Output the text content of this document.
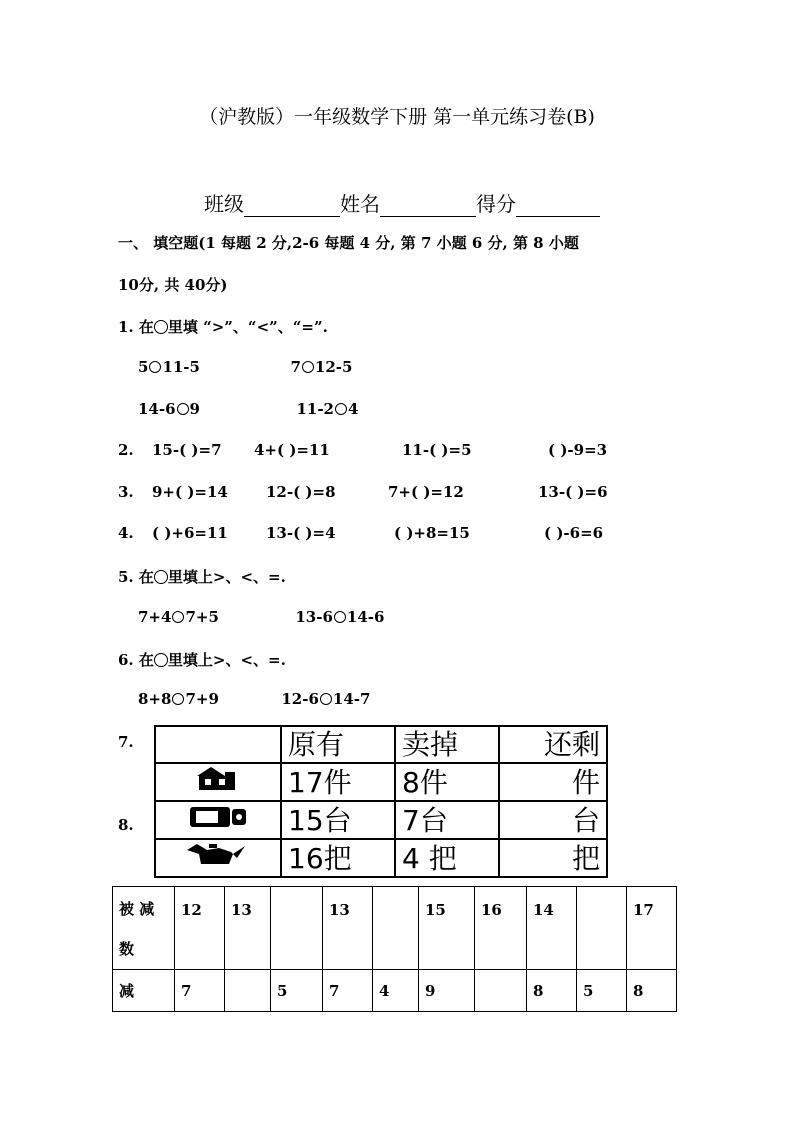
（沪教版）一年级数学下册 第一单元练习卷(B)
班级	姓名	得分
一、 填空题(1 每题 2 分,2-6 每题 4 分, 第 7 小题 6 分, 第 8 小题
10分, 共 40分)
1. 在 里填 “>”、“<”、“=”.
5 11-5	7 12-5
14-6 9	11-2 4
2. 15-( )=7 4+( )=11	11-( )=5	( )-9=3
3. 9+( )=14	12-( )=8	7+( )=12	13-( )=6
4. ( )+6=11	13-( )=4	( )+8=15	( )-6=6
5. 在 里填上>、<、=.
7+4 7+5	13-6 14-6
6. 在 里填上>、<、=.
8+8 7+9	12-6 14-7
7.
8.
	原有	卖掉	还剩
	17件	8件	件
	15台	7台	台
	16把	4 把	把
被 减
数	12	13		13		15	16	14		17
减	7		5	7	4	9		8	5	8
